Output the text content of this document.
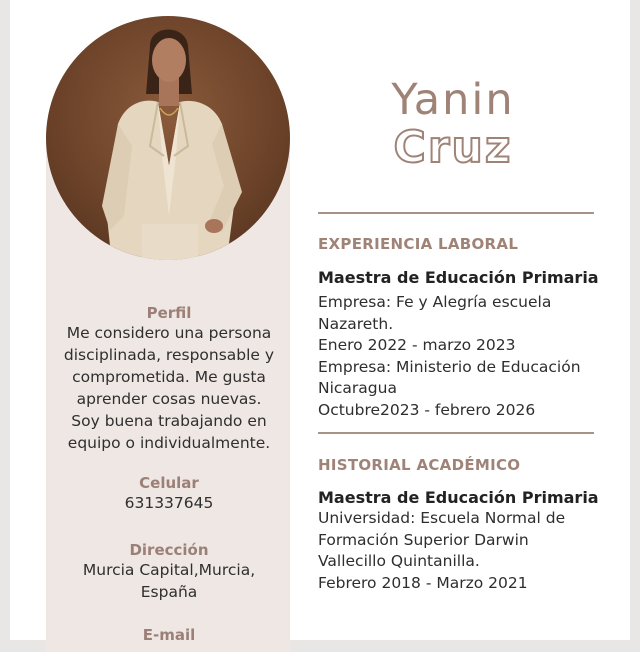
Perfil
Me considero una persona
disciplinada, responsable y
comprometida. Me gusta
aprender cosas nuevas.
Soy buena trabajando en
equipo o individualmente.
Celular
631337645
Dirección
Murcia Capital,Murcia,
España
E-mail
Yanin
Cruz
EXPERIENCIA LABORAL
Maestra de Educación Primaria
Empresa: Fe y Alegría escuela
Nazareth.
Enero 2022 - marzo 2023
Empresa: Ministerio de Educación
Nicaragua
Octubre2023 - febrero 2026
HISTORIAL ACADÉMICO
Maestra de Educación Primaria
Universidad: Escuela Normal de
Formación Superior Darwin
Vallecillo Quintanilla.
Febrero 2018 - Marzo 2021
